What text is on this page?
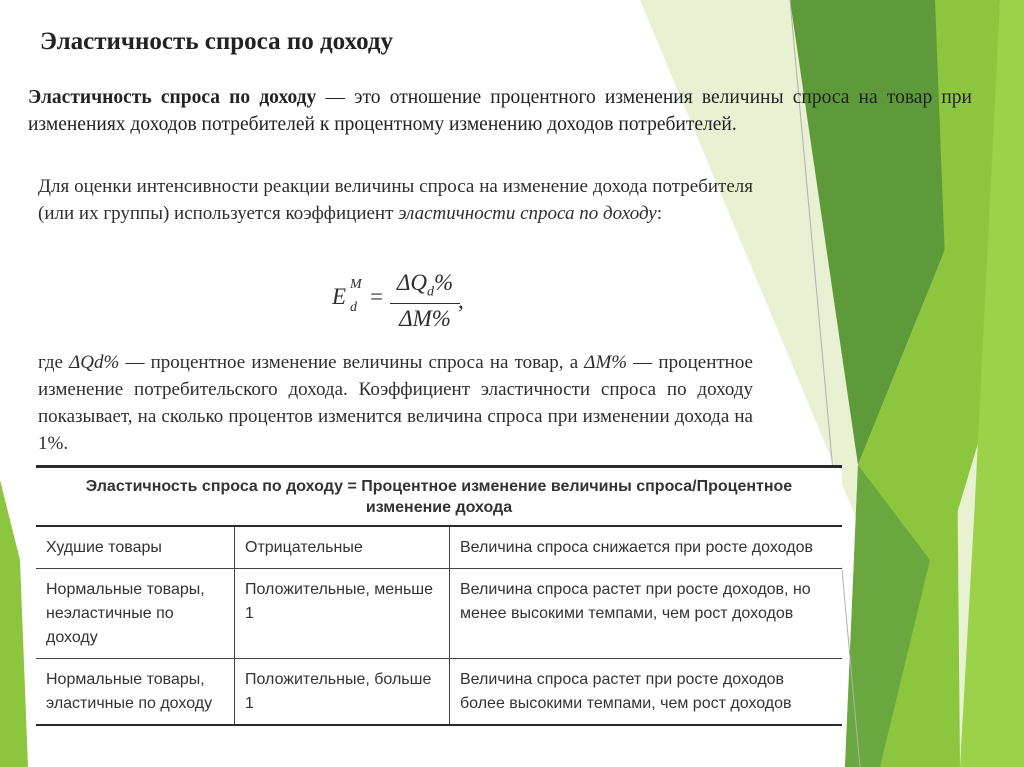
Эластичность спроса по доходу
Эластичность спроса по доходу — это отношение процентного изменения величины спроса на товар при изменениях доходов потребителей к процентному изменению доходов потребителей.
Для оценки интенсивности реакции величины спроса на изменение дохода потребителя (или их группы) используется коэффициент эластичности спроса по доходу:
E M
d =
$\Delta Q_d\%$
ΔM%
,
где ΔQd% — процентное изменение величины спроса на товар, а ΔM% — процентное изменение потребительского дохода. Коэффициент эластичности спроса по доходу показывает, на сколько процентов изменится величина спроса при изменении дохода на 1%.
Эластичность спроса по доходу = Процентное изменение величины спроса/Процентное изменение дохода		
Худшие товары	Отрицательные	Величина спроса снижается при росте доходов
Нормальные товары, неэластичные по доходу	Положительные, меньше 1	Величина спроса растет при росте доходов, но менее высокими темпами, чем рост доходов
Нормальные товары, эластичные по доходу	Положительные, больше 1	Величина спроса растет при росте доходов более высокими темпами, чем рост доходов
